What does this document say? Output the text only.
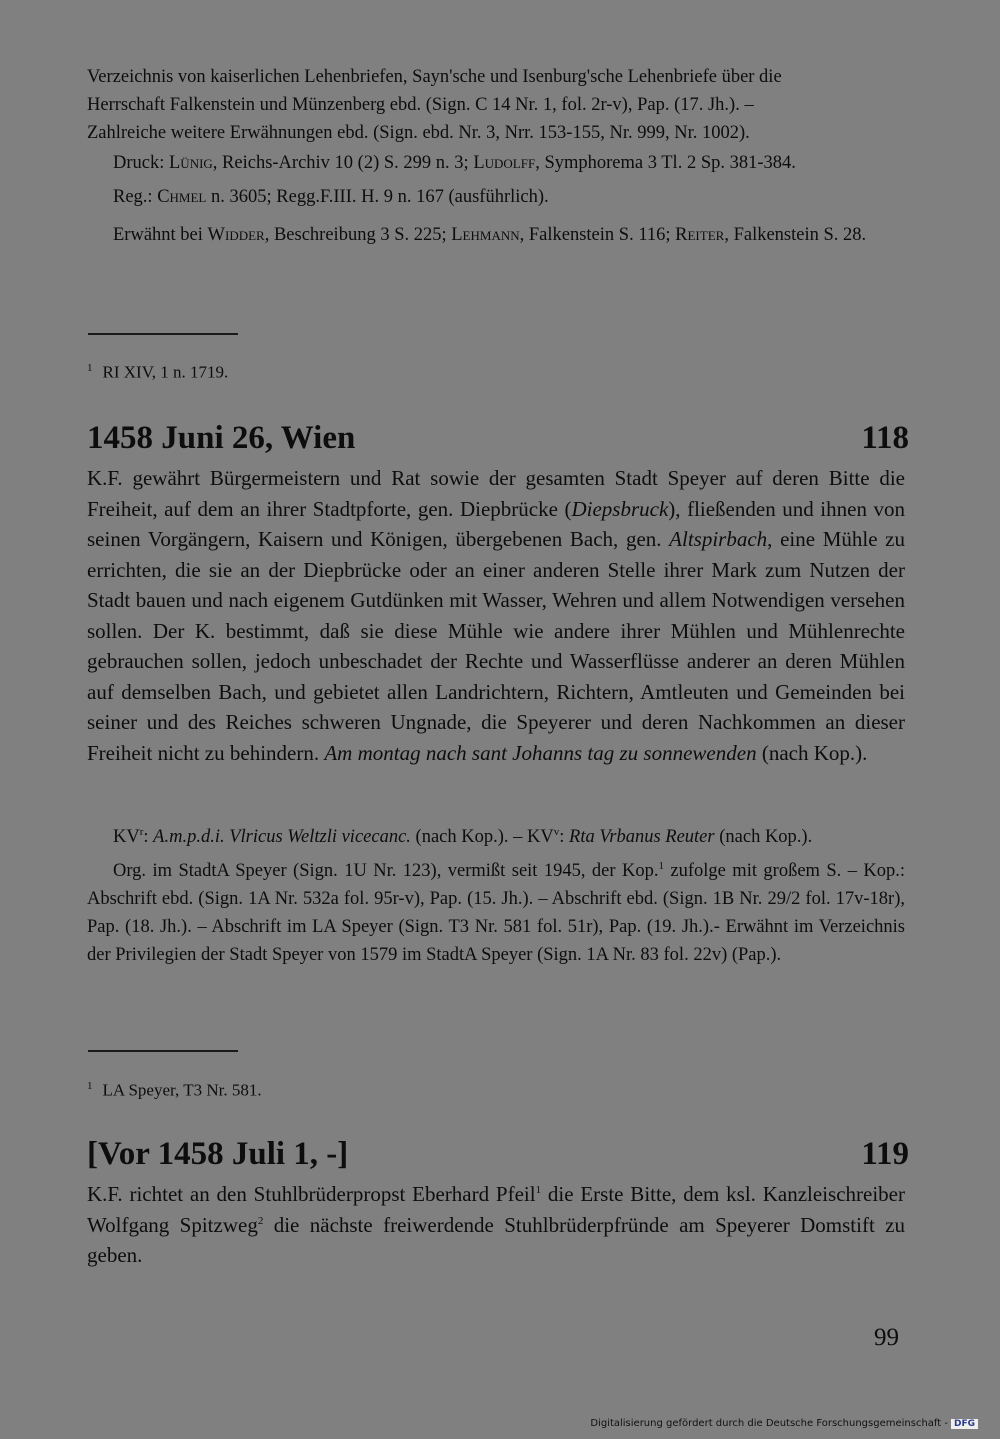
Verzeichnis von kaiserlichen Lehenbriefen, Sayn'sche und Isenburg'sche Lehenbriefe über die
Herrschaft Falkenstein und Münzenberg ebd. (Sign. C 14 Nr. 1, fol. 2r-v), Pap. (17. Jh.). –
Zahlreiche weitere Erwähnungen ebd. (Sign. ebd. Nr. 3, Nrr. 153-155, Nr. 999, Nr. 1002).

Druck: Lünig, Reichs-Archiv 10 (2) S. 299 n. 3; Ludolff, Symphorema 3 Tl. 2 Sp. 381-384.

Reg.: Chmel n. 3605; Regg.F.III. H. 9 n. 167 (ausführlich).

Erwähnt bei Widder, Beschreibung 3 S. 225; Lehmann, Falkenstein S. 116; Reiter, Falkenstein S. 28.

$^1$ RI XIV, 1 n. 1719.
1458 Juni 26, Wien	118

K.F. gewährt Bürgermeistern und Rat sowie der gesamten Stadt Speyer auf deren Bitte die Freiheit, auf dem an ihrer Stadtpforte, gen. Diepbrücke (Diepsbruck), fließenden und ihnen von seinen Vorgängern, Kaisern und Königen, übergebenen Bach, gen. Altspirbach, eine Mühle zu errichten, die sie an der Diepbrücke oder an einer anderen Stelle ihrer Mark zum Nutzen der Stadt bauen und nach eigenem Gutdünken mit Wasser, Wehren und allem Notwendigen versehen sollen. Der K. bestimmt, daß sie diese Mühle wie andere ihrer Mühlen und Mühlenrechte gebrauchen sollen, jedoch unbeschadet der Rechte und Wasserflüsse anderer an deren Mühlen auf demselben Bach, und gebietet allen Landrichtern, Richtern, Amtleuten und Gemeinden bei seiner und des Reiches schweren Ungnade, die Speyerer und deren Nachkommen an dieser Freiheit nicht zu behindern. Am montag nach sant Johanns tag zu sonnewenden (nach Kop.).

$KV^r$: A.m.p.d.i. Vlricus Weltzli vicecanc. (nach Kop.). – $KV^v$: Rta Vrbanus Reuter (nach Kop.).

Org. im StadtA Speyer (Sign. 1U Nr. 123), vermißt seit 1945, der Kop.$^1$ zufolge mit großem S. – Kop.: Abschrift ebd. (Sign. 1A Nr. 532a fol. 95r-v), Pap. (15. Jh.). – Abschrift ebd. (Sign. 1B Nr. 29/2 fol. 17v-18r), Pap. (18. Jh.). – Abschrift im LA Speyer (Sign. T3 Nr. 581 fol. 51r), Pap. (19. Jh.).- Erwähnt im Verzeichnis der Privilegien der Stadt Speyer von 1579 im StadtA Speyer (Sign. 1A Nr. 83 fol. 22v) (Pap.).

$^1$ LA Speyer, T3 Nr. 581.
[Vor 1458 Juli 1, -]	119

K.F. richtet an den Stuhlbrüderpropst Eberhard Pfeil$^1$ die Erste Bitte, dem ksl. Kanzleischreiber Wolfgang Spitzweg$^2$ die nächste freiwerdende Stuhlbrüderpfründe am Speyerer Domstift zu geben.

99
Digitalisierung gefördert durch die Deutsche Forschungsgemeinschaft - DFG
